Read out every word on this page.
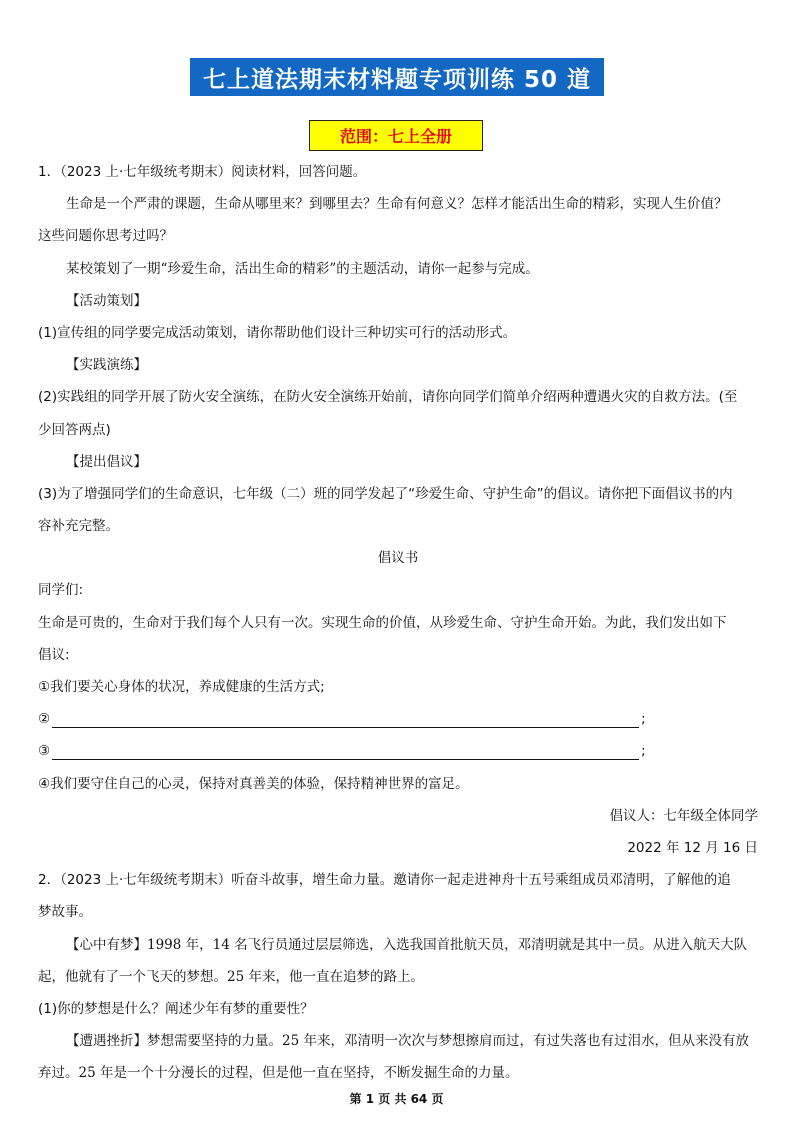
七上道法期末材料题专项训练 50 道
范围：七上全册
1．（2023 上·七年级统考期末）阅读材料，回答问题。
生命是一个严肃的课题，生命从哪里来？到哪里去？生命有何意义？怎样才能活出生命的精彩，实现人生价值？
这些问题你思考过吗？
某校策划了一期“珍爱生命，活出生命的精彩”的主题活动，请你一起参与完成。
【活动策划】
(1)宣传组的同学要完成活动策划，请你帮助他们设计三种切实可行的活动形式。
【实践演练】
(2)实践组的同学开展了防火安全演练，在防火安全演练开始前，请你向同学们简单介绍两种遭遇火灾的自救方法。(至
少回答两点)
【提出倡议】
(3)为了增强同学们的生命意识，七年级（二）班的同学发起了“珍爱生命、守护生命”的倡议。请你把下面倡议书的内
容补充完整。
倡议书
同学们:
生命是可贵的，生命对于我们每个人只有一次。实现生命的价值，从珍爱生命、守护生命开始。为此，我们发出如下
倡议:
①我们要关心身体的状况，养成健康的生活方式;
②	;
③	;
④我们要守住自己的心灵，保持对真善美的体验，保持精神世界的富足。
倡议人：七年级全体同学
2022 年 12 月 16 日
2．（2023 上·七年级统考期末）听奋斗故事，增生命力量。邀请你一起走进神舟十五号乘组成员邓清明，了解他的追
梦故事。
【心中有梦】1998 年，14 名飞行员通过层层筛选，入选我国首批航天员，邓清明就是其中一员。从进入航天大队
起，他就有了一个飞天的梦想。25 年来，他一直在追梦的路上。
(1)你的梦想是什么？阐述少年有梦的重要性？
【遭遇挫折】梦想需要坚持的力量。25 年来，邓清明一次次与梦想擦肩而过，有过失落也有过泪水，但从来没有放
弃过。25 年是一个十分漫长的过程，但是他一直在坚持，不断发掘生命的力量。
第 1 页 共 64 页
